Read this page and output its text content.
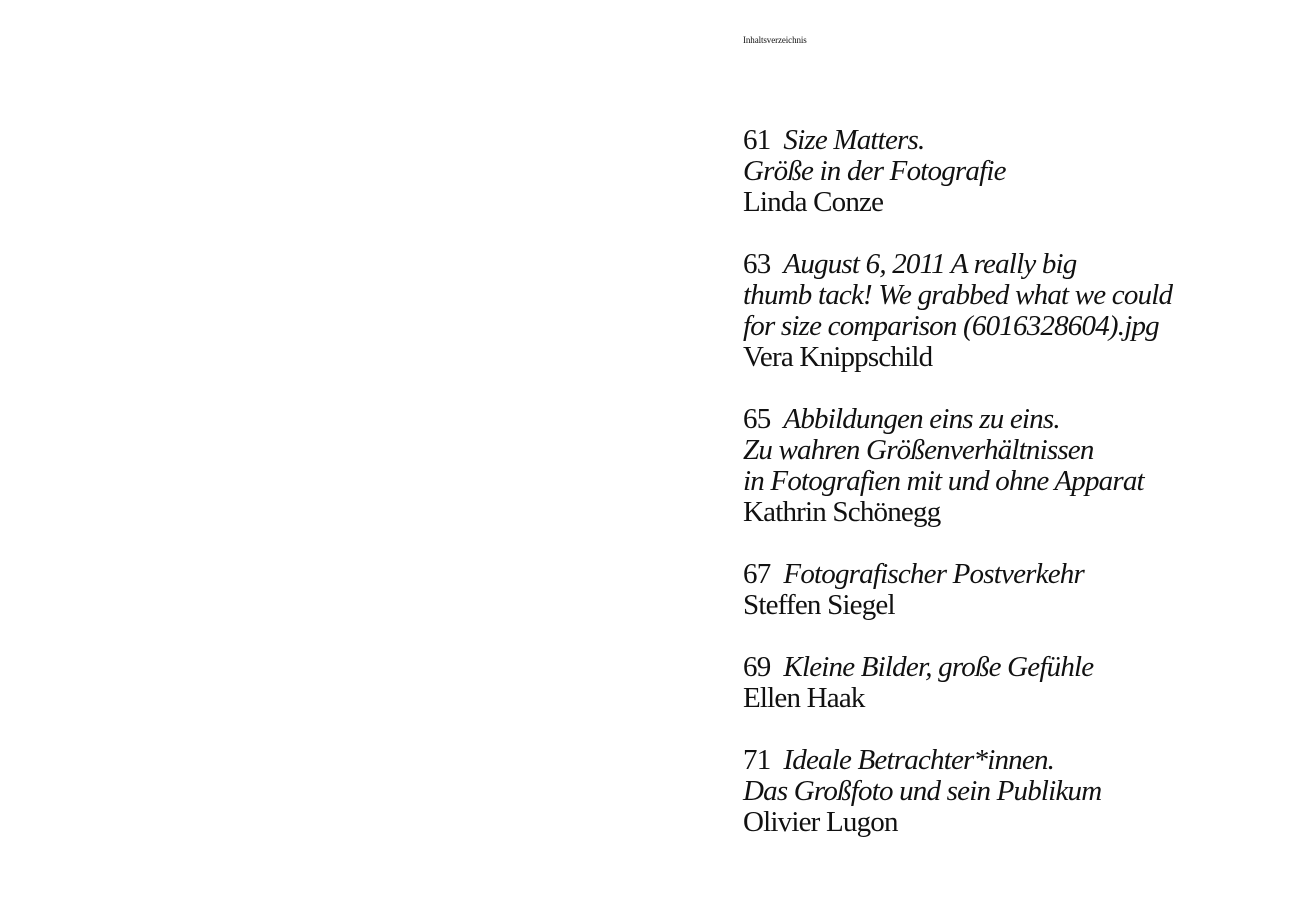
Inhaltsverzeichnis
61 Size Matters.
Größe in der Fotografie
Linda Conze
63 August 6, 2011 A really big
thumb tack! We grabbed what we could
for size comparison (6016328604).jpg
Vera Knippschild
65 Abbildungen eins zu eins.
Zu wahren Größenverhältnissen
in Fotografien mit und ohne Apparat
Kathrin Schönegg
67 Fotografischer Postverkehr
Steffen Siegel
69 Kleine Bilder, große Gefühle
Ellen Haak
71 Ideale Betrachter*innen.
Das Großfoto und sein Publikum
Olivier Lugon
